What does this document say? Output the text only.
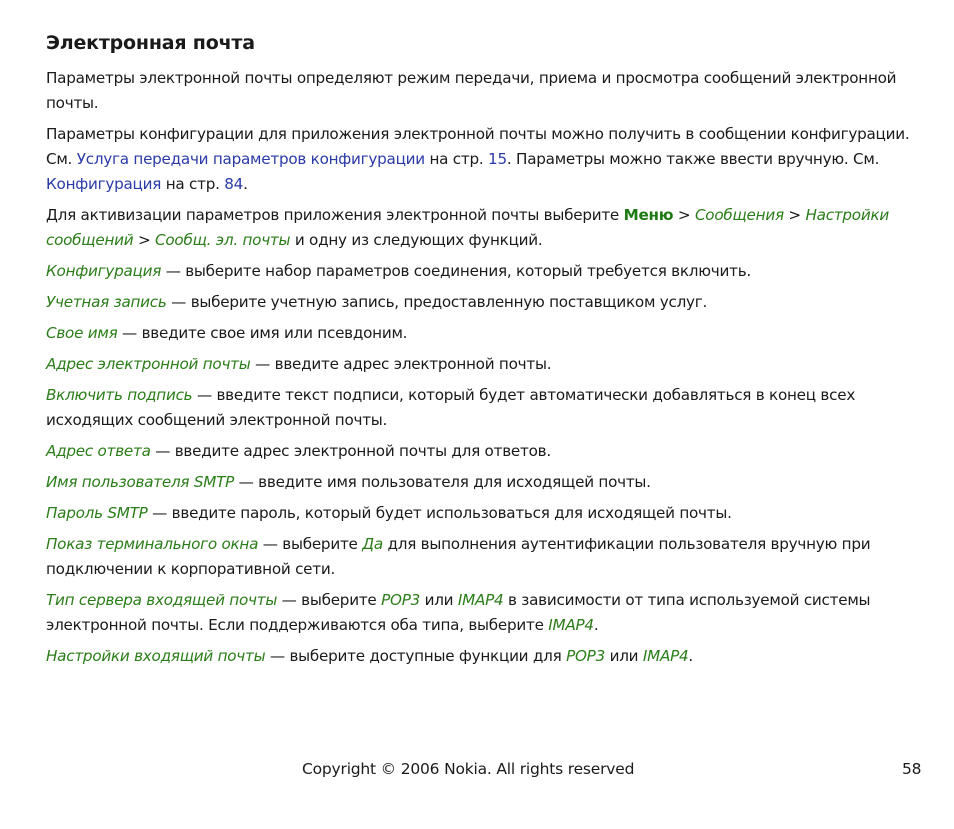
Электронная почта

Параметры электронной почты определяют режим передачи, приема и просмотра сообщений электронной почты.

Параметры конфигурации для приложения электронной почты можно получить в сообщении конфигурации. См. Услуга передачи параметров конфигурации на стр. 15. Параметры можно также ввести вручную. См. Конфигурация на стр. 84.

Для активизации параметров приложения электронной почты выберите Меню > Сообщения > Настройки сообщений > Сообщ. эл. почты и одну из следующих функций.

Конфигурация — выберите набор параметров соединения, который требуется включить.

Учетная запись — выберите учетную запись, предоставленную поставщиком услуг.

Свое имя — введите свое имя или псевдоним.

Адрес электронной почты — введите адрес электронной почты.

Включить подпись — введите текст подписи, который будет автоматически добавляться в конец всех исходящих сообщений электронной почты.

Адрес ответа — введите адрес электронной почты для ответов.

Имя пользователя SMTP — введите имя пользователя для исходящей почты.

Пароль SMTP — введите пароль, который будет использоваться для исходящей почты.

Показ терминального окна — выберите Да для выполнения аутентификации пользователя вручную при подключении к корпоративной сети.

Тип сервера входящей почты — выберите POP3 или IMAP4 в зависимости от типа используемой системы электронной почты. Если поддерживаются оба типа, выберите IMAP4.

Настройки входящий почты — выберите доступные функции для POP3 или IMAP4.

Copyright © 2006 Nokia. All rights reserved	58
